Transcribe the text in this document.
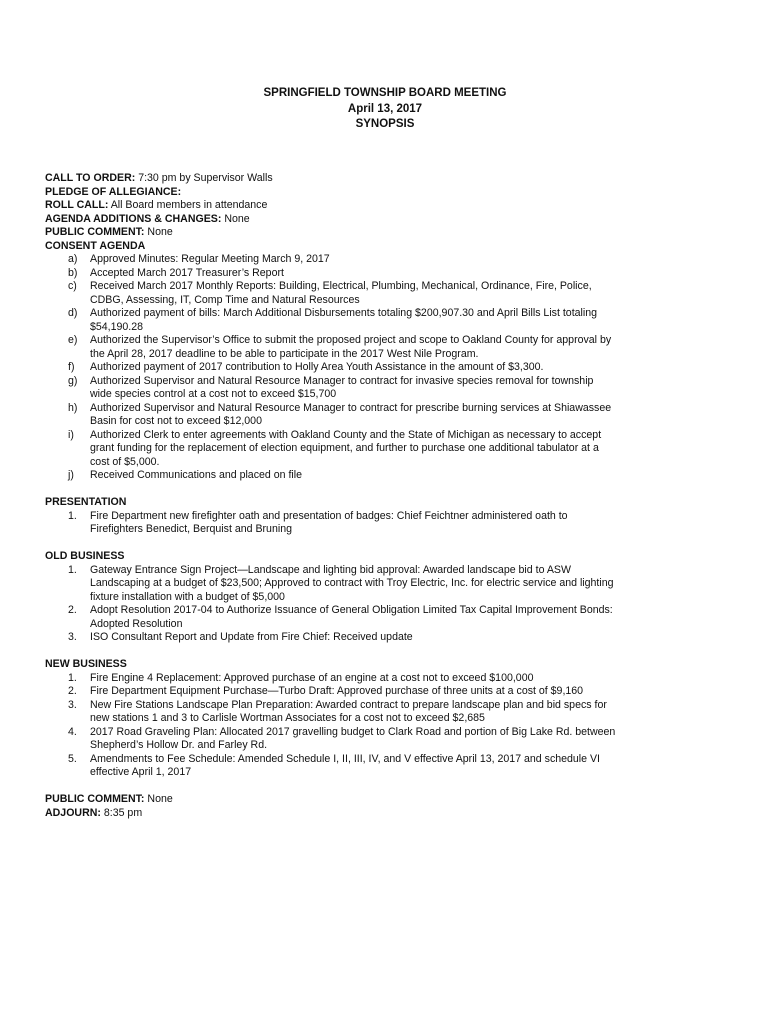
SPRINGFIELD TOWNSHIP BOARD MEETING
April 13, 2017
SYNOPSIS
CALL TO ORDER: 7:30 pm by Supervisor Walls
PLEDGE OF ALLEGIANCE:
ROLL CALL: All Board members in attendance
AGENDA ADDITIONS & CHANGES: None
PUBLIC COMMENT: None
CONSENT AGENDA
a)	Approved Minutes: Regular Meeting March 9, 2017
b)	Accepted March 2017 Treasurer’s Report
c)	Received March 2017 Monthly Reports: Building, Electrical, Plumbing, Mechanical, Ordinance, Fire, Police,
CDBG, Assessing, IT, Comp Time and Natural Resources
d)	Authorized payment of bills: March Additional Disbursements totaling $200,907.30 and April Bills List totaling
$54,190.28
e)	Authorized the Supervisor’s Office to submit the proposed project and scope to Oakland County for approval by
the April 28, 2017 deadline to be able to participate in the 2017 West Nile Program.
f)	Authorized payment of 2017 contribution to Holly Area Youth Assistance in the amount of $3,300.
g)	Authorized Supervisor and Natural Resource Manager to contract for invasive species removal for township
wide species control at a cost not to exceed $15,700
h)	Authorized Supervisor and Natural Resource Manager to contract for prescribe burning services at Shiawassee
Basin for cost not to exceed $12,000
i)	Authorized Clerk to enter agreements with Oakland County and the State of Michigan as necessary to accept
grant funding for the replacement of election equipment, and further to purchase one additional tabulator at a
cost of $5,000.
j)	Received Communications and placed on file
PRESENTATION
1.	Fire Department new firefighter oath and presentation of badges: Chief Feichtner administered oath to
Firefighters Benedict, Berquist and Bruning
OLD BUSINESS
1.	Gateway Entrance Sign Project—Landscape and lighting bid approval: Awarded landscape bid to ASW
Landscaping at a budget of $23,500; Approved to contract with Troy Electric, Inc. for electric service and lighting
fixture installation with a budget of $5,000
2.	Adopt Resolution 2017-04 to Authorize Issuance of General Obligation Limited Tax Capital Improvement Bonds:
Adopted Resolution
3.	ISO Consultant Report and Update from Fire Chief: Received update
NEW BUSINESS
1.	Fire Engine 4 Replacement: Approved purchase of an engine at a cost not to exceed $100,000
2.	Fire Department Equipment Purchase—Turbo Draft: Approved purchase of three units at a cost of $9,160
3.	New Fire Stations Landscape Plan Preparation: Awarded contract to prepare landscape plan and bid specs for
new stations 1 and 3 to Carlisle Wortman Associates for a cost not to exceed $2,685
4.	2017 Road Graveling Plan: Allocated 2017 gravelling budget to Clark Road and portion of Big Lake Rd. between
Shepherd’s Hollow Dr. and Farley Rd.
5.	Amendments to Fee Schedule: Amended Schedule I, II, III, IV, and V effective April 13, 2017 and schedule VI
effective April 1, 2017
PUBLIC COMMENT: None
ADJOURN: 8:35 pm
